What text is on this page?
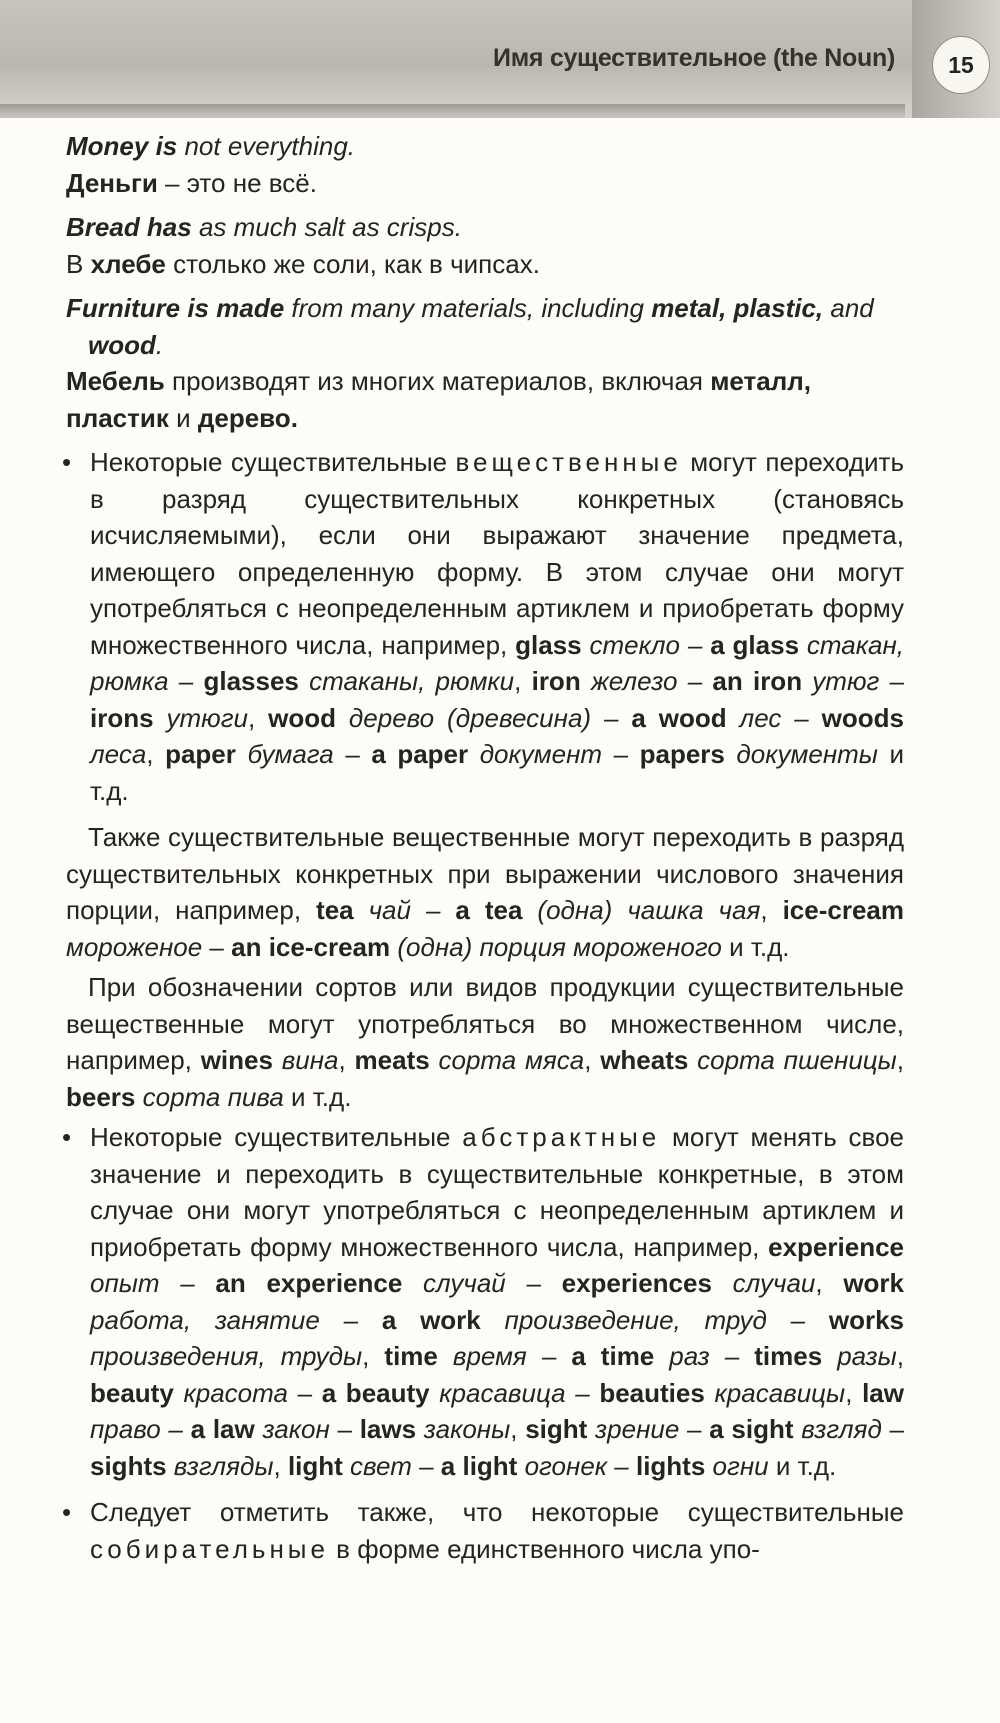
Имя существительное (the Noun)	15

Money is not everything.

Деньги – это не всё.

Bread has as much salt as crisps.

В хлебе столько же соли, как в чипсах.

Furniture is made from many materials, including metal, plastic, and wood.

Мебель производят из многих материалов, включая металл, пластик и дерево.

• Некоторые существительные вещественные могут переходить в разряд существительных конкретных (становясь исчисляемыми), если они выражают значение предмета, имеющего определенную форму. В этом случае они могут употребляться с неопределенным артиклем и приобретать форму множественного числа, например, glass стекло – a glass стакан, рюмка – glasses стаканы, рюмки, iron железо – an iron утюг – irons утюги, wood дерево (древесина) – a wood лес – woods леса, paper бумага – a paper документ – papers документы и т.д.

Также существительные вещественные могут переходить в разряд существительных конкретных при выражении числового значения порции, например, tea чай – a tea (одна) чашка чая, ice-cream мороженое – an ice-cream (одна) порция мороженого и т.д.

При обозначении сортов или видов продукции существительные вещественные могут употребляться во множественном числе, например, wines вина, meats сорта мяса, wheats сорта пшеницы, beers сорта пива и т.д.

• Некоторые существительные абстрактные могут менять свое значение и переходить в существительные конкретные, в этом случае они могут употребляться с неопределенным артиклем и приобретать форму множественного числа, например, experience опыт – an experience случай – experiences случаи, work работа, занятие – a work произведение, труд – works произведения, труды, time время – a time раз – times разы, beauty красота – a beauty красавица – beauties красавицы, law право – a law закон – laws законы, sight зрение – a sight взгляд – sights взгляды, light свет – a light огонек – lights огни и т.д.
• Следует отметить также, что некоторые существительные собирательные в форме единственного числа упо-
